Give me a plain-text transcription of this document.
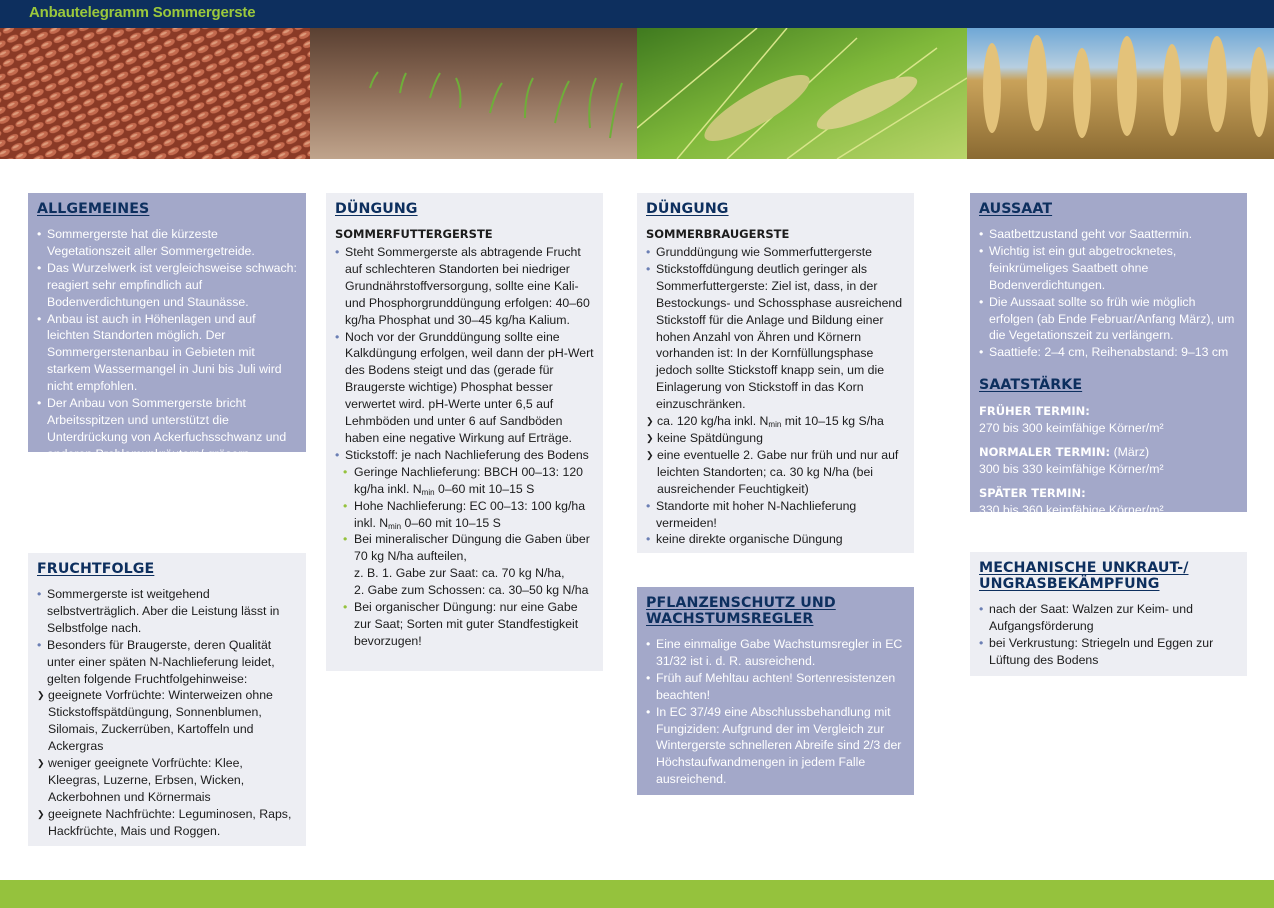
Anbautelegramm Sommergerste
ALLGEMEINES
• Sommergerste hat die kürzeste Vegetationszeit aller Sommergetreide.
• Das Wurzelwerk ist vergleichsweise schwach: reagiert sehr empfindlich auf Bodenverdichtungen und Staunässe.
• Anbau ist auch in Höhenlagen und auf leichten Standorten möglich. Der Sommergerstenanbau in Gebieten mit starkem Wassermangel in Juni bis Juli wird nicht empfohlen.
• Der Anbau von Sommergerste bricht Arbeitsspitzen und unterstützt die Unterdrückung von Ackerfuchsschwanz und anderen Problemunkräutern/-gräsern.
FRUCHTFOLGE
• Sommergerste ist weitgehend selbstverträglich. Aber die Leistung lässt in Selbstfolge nach.
• Besonders für Braugerste, deren Qualität unter einer späten N-Nachlieferung leidet, gelten folgende Fruchtfolgehinweise:
❯ geeignete Vorfrüchte: Winterweizen ohne Stickstoffspätdüngung, Sonnenblumen, Silomais, Zuckerrüben, Kartoffeln und Ackergras
❯ weniger geeignete Vorfrüchte: Klee, Kleegras, Luzerne, Erbsen, Wicken, Ackerbohnen und Körnermais
❯ geeignete Nachfrüchte: Leguminosen, Raps, Hackfrüchte, Mais und Roggen.
DÜNGUNG
SOMMERFUTTERGERSTE
• Steht Sommergerste als abtragende Frucht auf schlechteren Standorten bei niedriger Grundnährstoffversorgung, sollte eine Kali- und Phosphorgrunddüngung erfolgen: 40–60 kg/ha Phosphat und 30–45 kg/ha Kalium.
• Noch vor der Grunddüngung sollte eine Kalkdüngung erfolgen, weil dann der pH-Wert des Bodens steigt und das (gerade für Braugerste wichtige) Phosphat besser verwertet wird. pH-Werte unter 6,5 auf Lehmböden und unter 6 auf Sandböden haben eine negative Wirkung auf Erträge.
• Stickstoff: je nach Nachlieferung des Bodens
• Geringe Nachlieferung: BBCH 00–13: 120 kg/ha inkl. $N_{min}$ 0–60 mit 10–15 S
• Hohe Nachlieferung: EC 00–13: 100 kg/ha inkl. $N_{min}$ 0–60 mit 10–15 S
• Bei mineralischer Düngung die Gaben über 70 kg N/ha aufteilen,
z. B. 1. Gabe zur Saat: ca. 70 kg N/ha,
2. Gabe zum Schossen: ca. 30–50 kg N/ha
• Bei organischer Düngung: nur eine Gabe zur Saat; Sorten mit guter Standfestigkeit bevorzugen!
DÜNGUNG
SOMMERBRAUGERSTE
• Grunddüngung wie Sommerfuttergerste
• Stickstoffdüngung deutlich geringer als Sommerfuttergerste: Ziel ist, dass, in der Bestockungs- und Schossphase ausreichend Stickstoff für die Anlage und Bildung einer hohen Anzahl von Ähren und Körnern vorhanden ist: In der Kornfüllungsphase jedoch sollte Stickstoff knapp sein, um die Einlagerung von Stickstoff in das Korn einzuschränken.
❯ ca. 120 kg/ha inkl. $N_{min}$ mit 10–15 kg S/ha
❯ keine Spätdüngung
❯ eine eventuelle 2. Gabe nur früh und nur auf leichten Standorten; ca. 30 kg N/ha (bei ausreichender Feuchtigkeit)
• Standorte mit hoher N-Nachlieferung vermeiden!
• keine direkte organische Düngung
PFLANZENSCHUTZ UND
WACHSTUMSREGLER
• Eine einmalige Gabe Wachstumsregler in EC 31/32 ist i. d. R. ausreichend.
• Früh auf Mehltau achten! Sortenresistenzen beachten!
• In EC 37/49 eine Abschlussbehandlung mit Fungiziden: Aufgrund der im Vergleich zur Wintergerste schnelleren Abreife sind 2/3 der Höchstaufwandmengen in jedem Falle ausreichend.
AUSSAAT
• Saatbettzustand geht vor Saattermin.
• Wichtig ist ein gut abgetrocknetes, feinkrümeliges Saatbett ohne Bodenverdichtungen.
• Die Aussaat sollte so früh wie möglich erfolgen (ab Ende Februar/Anfang März), um die Vegetationszeit zu verlängern.
• Saattiefe: 2–4 cm, Reihenabstand: 9–13 cm
SAATSTÄRKE
FRÜHER TERMIN:
270 bis 300 keimfähige Körner/m²
NORMALER TERMIN: (März)
300 bis 330 keimfähige Körner/m²
SPÄTER TERMIN:
330 bis 360 keimfähige Körner/m²
MECHANISCHE UNKRAUT-/
UNGRASBEKÄMPFUNG
• nach der Saat: Walzen zur Keim- und Aufgangsförderung
• bei Verkrustung: Striegeln und Eggen zur Lüftung des Bodens
